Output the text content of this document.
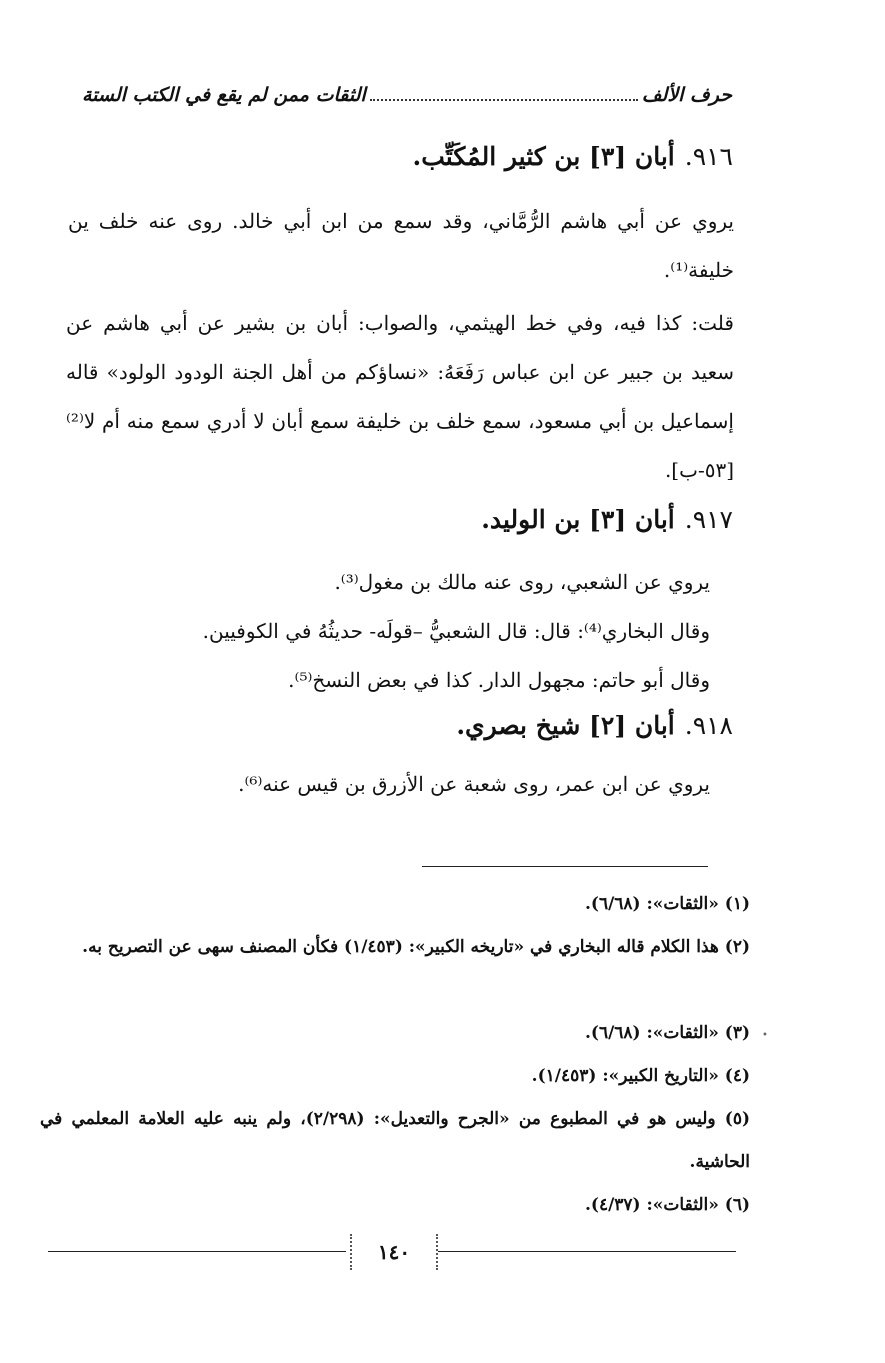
حرف الألف
الثقات ممن لم يقع في الكتب الستة
٩١٦.أبان [٣] بن كثير المُكَتِّب.

يروي عن أبي هاشم الرُّمَّاني، وقد سمع من ابن أبي خالد. روى عنه خلف ين خليفة⁽¹⁾.

قلت: كذا فيه، وفي خط الهيثمي، والصواب: أبان بن بشير عن أبي هاشم عن سعيد بن جبير عن ابن عباس رَفَعَهُ: «نساؤكم من أهل الجنة الودود الولود» قاله إسماعيل بن أبي مسعود، سمع خلف بن خليفة سمع أبان لا أدري سمع منه أم لا⁽²⁾ [٥٣-ب].

٩١٧.أبان [٣] بن الوليد.

يروي عن الشعبي، روى عنه مالك بن مغول⁽³⁾.

وقال البخاري⁽⁴⁾: قال: قال الشعبيُّ –قولَه- حديثُهُ في الكوفيين.

وقال أبو حاتم: مجهول الدار. كذا في بعض النسخ⁽⁵⁾.

٩١٨.أبان [٢] شيخ بصري.

يروي عن ابن عمر، روى شعبة عن الأزرق بن قيس عنه⁽⁶⁾.

(١) «الثقات»: (٦/٦٨).

(٢) هذا الكلام قاله البخاري في «تاريخه الكبير»: (١/٤٥٣) فكأن المصنف سهى عن التصريح به.

(٣) «الثقات»: (٦/٦٨). •

(٤) «التاريخ الكبير»: (١/٤٥٣).

(٥) وليس هو في المطبوع من «الجرح والتعديل»: (٢/٢٩٨)، ولم ينبه عليه العلامة المعلمي في الحاشية.

(٦) «الثقات»: (٤/٣٧).

١٤٠
